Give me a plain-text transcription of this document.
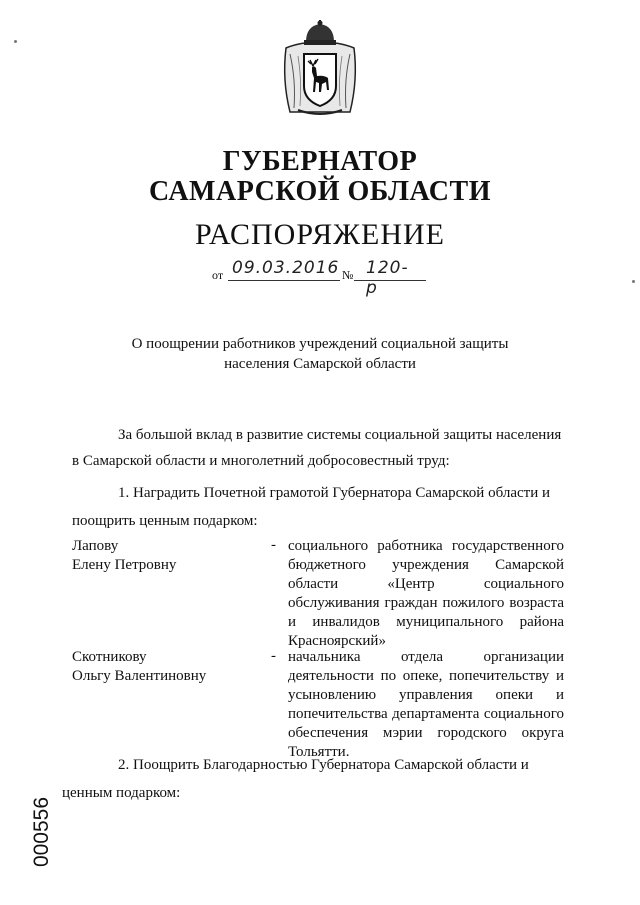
ГУБЕРНАТОР
САМАРСКОЙ ОБЛАСТИ
РАСПОРЯЖЕНИЕ
от 09.03.2016 № 120-р
О поощрении работников учреждений социальной защиты
населения Самарской области
За большой вклад в развитие системы социальной защиты населения
в Самарской области и многолетний добросовестный труд:
1. Наградить Почетной грамотой Губернатора Самарской области и
поощрить ценным подарком:
Лапову
Елену Петровну
- социального работника государственного бюджетного учреждения Самарской области «Центр социального обслуживания граждан пожилого возраста и инвалидов муниципального района Красноярский»
Скотникову
Ольгу Валентиновну
- начальника отдела организации деятельности по опеке, попечительству и усыновлению управления опеки и попечительства департамента социального обеспечения мэрии городского округа Тольятти.
2. Поощрить Благодарностью Губернатора Самарской области и
ценным подарком:
000556
